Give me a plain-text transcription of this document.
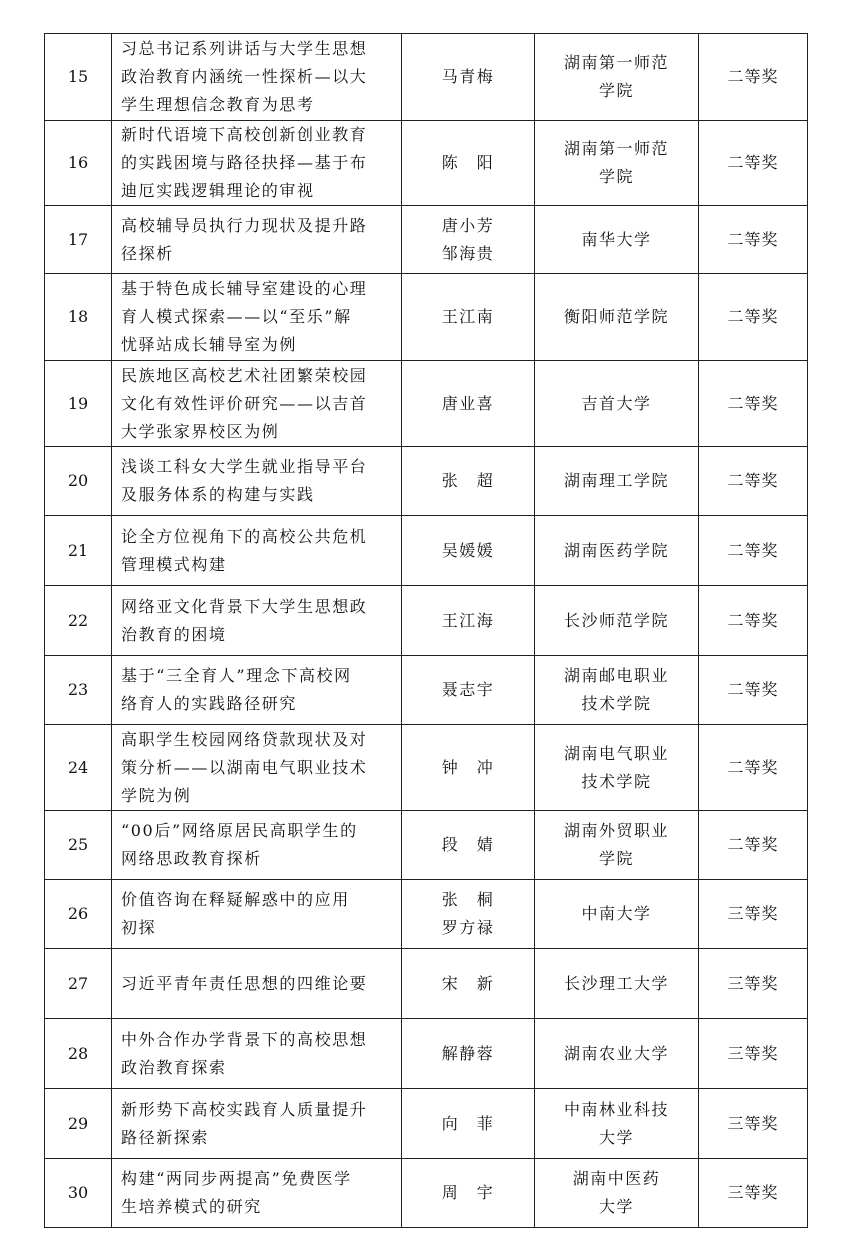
15	习总书记系列讲话与大学生思想
政治教育内涵统一性探析—以大
学生理想信念教育为思考	马青梅	湖南第一师范
学院	二等奖
16	新时代语境下高校创新创业教育
的实践困境与路径抉择—基于布
迪厄实践逻辑理论的审视	陈　阳	湖南第一师范
学院	二等奖
17	高校辅导员执行力现状及提升路
径探析	唐小芳
邹海贵	南华大学	二等奖
18	基于特色成长辅导室建设的心理
育人模式探索——以“至乐”解
忧驿站成长辅导室为例	王江南	衡阳师范学院	二等奖
19	民族地区高校艺术社团繁荣校园
文化有效性评价研究——以吉首
大学张家界校区为例	唐业喜	吉首大学	二等奖
20	浅谈工科女大学生就业指导平台
及服务体系的构建与实践	张　超	湖南理工学院	二等奖
21	论全方位视角下的高校公共危机
管理模式构建	吴媛媛	湖南医药学院	二等奖
22	网络亚文化背景下大学生思想政
治教育的困境	王江海	长沙师范学院	二等奖
23	基于“三全育人”理念下高校网
络育人的实践路径研究	聂志宇	湖南邮电职业
技术学院	二等奖
24	高职学生校园网络贷款现状及对
策分析——以湖南电气职业技术
学院为例	钟　冲	湖南电气职业
技术学院	二等奖
25	“00后”网络原居民高职学生的
网络思政教育探析	段　婧	湖南外贸职业
学院	二等奖
26	价值咨询在释疑解惑中的应用
初探	张　桐
罗方禄	中南大学	三等奖
27	习近平青年责任思想的四维论要	宋　新	长沙理工大学	三等奖
28	中外合作办学背景下的高校思想
政治教育探索	解静蓉	湖南农业大学	三等奖
29	新形势下高校实践育人质量提升
路径新探索	向　菲	中南林业科技
大学	三等奖
30	构建“两同步两提高”免费医学
生培养模式的研究	周　宇	湖南中医药
大学	三等奖
